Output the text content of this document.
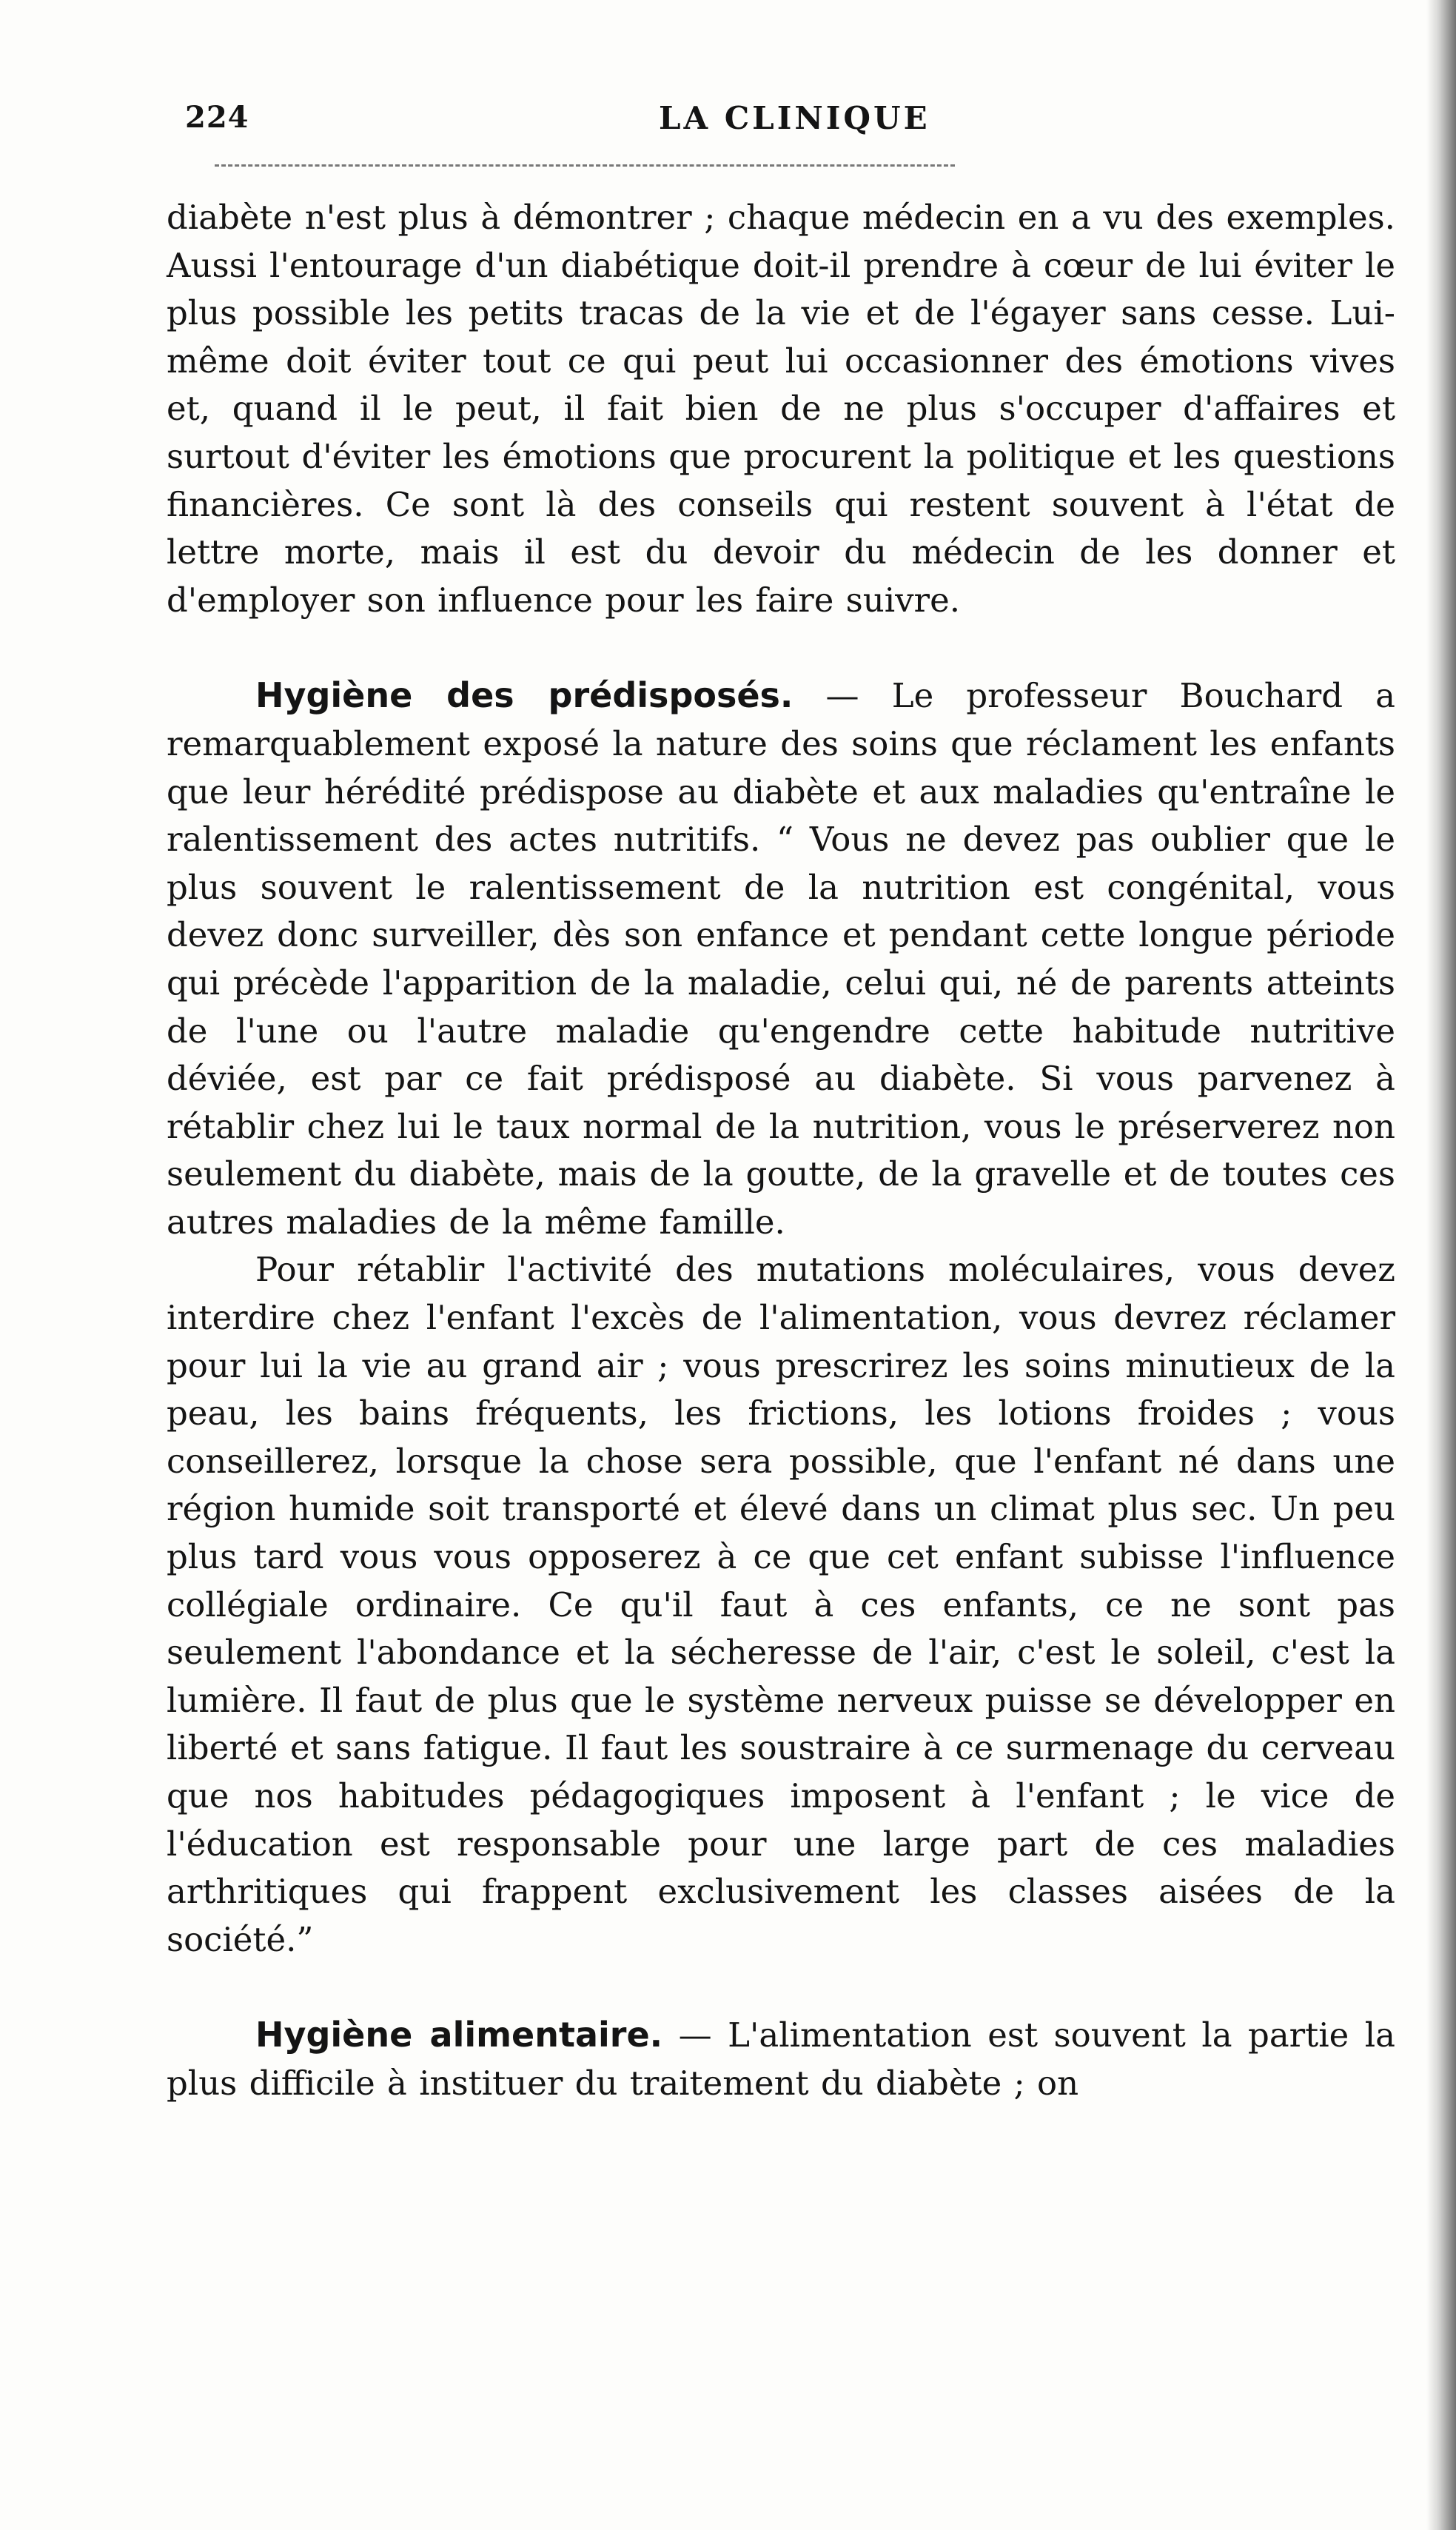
224	LA CLINIQUE

diabète n'est plus à démontrer ; chaque médecin en a vu des exemples. Aussi l'entourage d'un diabétique doit-il prendre à cœur de lui éviter le plus possible les petits tracas de la vie et de l'égayer sans cesse. Lui-même doit éviter tout ce qui peut lui occasionner des émotions vives et, quand il le peut, il fait bien de ne plus s'occuper d'affaires et surtout d'éviter les émotions que procurent la politique et les questions financières. Ce sont là des conseils qui restent souvent à l'état de lettre morte, mais il est du devoir du médecin de les donner et d'employer son influence pour les faire suivre.

Hygiène des prédisposés. — Le professeur Bouchard a remarquablement exposé la nature des soins que réclament les enfants que leur hérédité prédispose au diabète et aux maladies qu'entraîne le ralentissement des actes nutritifs. “ Vous ne devez pas oublier que le plus souvent le ralentissement de la nutrition est congénital, vous devez donc surveiller, dès son enfance et pendant cette longue période qui précède l'apparition de la maladie, celui qui, né de parents atteints de l'une ou l'autre maladie qu'engendre cette habitude nutritive déviée, est par ce fait prédisposé au diabète. Si vous parvenez à rétablir chez lui le taux normal de la nutrition, vous le préserverez non seulement du diabète, mais de la goutte, de la gravelle et de toutes ces autres maladies de la même famille.

Pour rétablir l'activité des mutations moléculaires, vous devez interdire chez l'enfant l'excès de l'alimentation, vous devrez réclamer pour lui la vie au grand air ; vous prescrirez les soins minutieux de la peau, les bains fréquents, les frictions, les lotions froides ; vous conseillerez, lorsque la chose sera possible, que l'enfant né dans une région humide soit transporté et élevé dans un climat plus sec. Un peu plus tard vous vous opposerez à ce que cet enfant subisse l'influence collégiale ordinaire. Ce qu'il faut à ces enfants, ce ne sont pas seulement l'abondance et la sécheresse de l'air, c'est le soleil, c'est la lumière. Il faut de plus que le système nerveux puisse se développer en liberté et sans fatigue. Il faut les soustraire à ce surmenage du cerveau que nos habitudes pédagogiques imposent à l'enfant ; le vice de l'éducation est responsable pour une large part de ces maladies arthritiques qui frappent exclusivement les classes aisées de la société.”

Hygiène alimentaire. — L'alimentation est souvent la partie la plus difficile à instituer du traitement du diabète ; on
